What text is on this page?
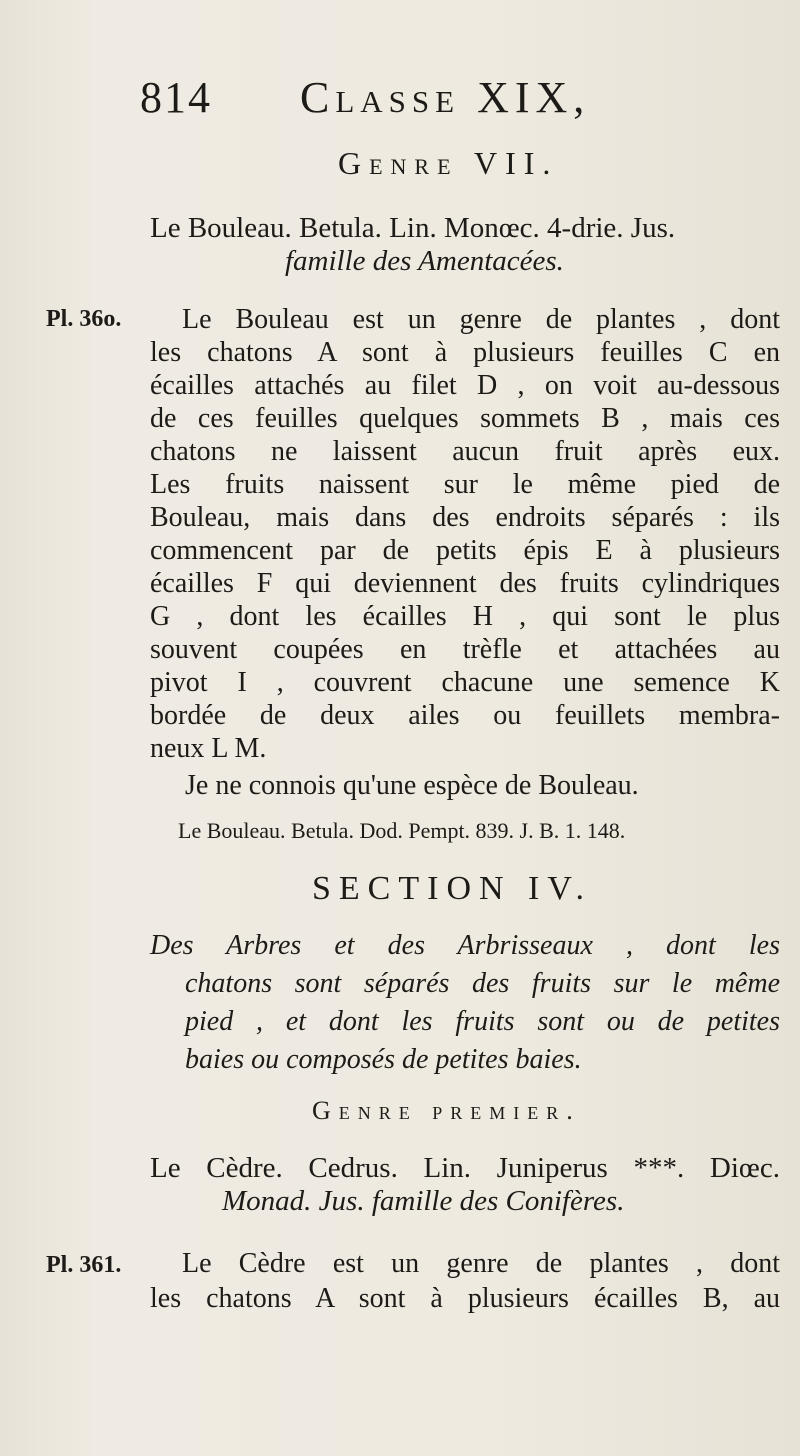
814 Classe XIX,
Genre VII.
Le Bouleau. Betula. Lin. Monœc. 4-drie. Jus.
famille des Amentacées.
Pl. 36o. Le Bouleau est un genre de plantes , dont
les chatons A sont à plusieurs feuilles C en
écailles attachés au filet D , on voit au-dessous
de ces feuilles quelques sommets B , mais ces
chatons ne laissent aucun fruit après eux.
Les fruits naissent sur le même pied de
Bouleau, mais dans des endroits séparés : ils
commencent par de petits épis E à plusieurs
écailles F qui deviennent des fruits cylindriques
G , dont les écailles H , qui sont le plus
souvent coupées en trèfle et attachées au
pivot I , couvrent chacune une semence K
bordée de deux ailes ou feuillets membra-
neux L M.
Je ne connois qu'une espèce de Bouleau.
Le Bouleau. Betula. Dod. Pempt. 839. J. B. 1. 148.
SECTION IV.
Des Arbres et des Arbrisseaux , dont les
chatons sont séparés des fruits sur le même
pied , et dont les fruits sont ou de petites
baies ou composés de petites baies.
Genre premier.
Le Cèdre. Cedrus. Lin. Juniperus ***. Diœc.
Monad. Jus. famille des Conifères.
Pl. 361. Le Cèdre est un genre de plantes , dont
les chatons A sont à plusieurs écailles B, au
